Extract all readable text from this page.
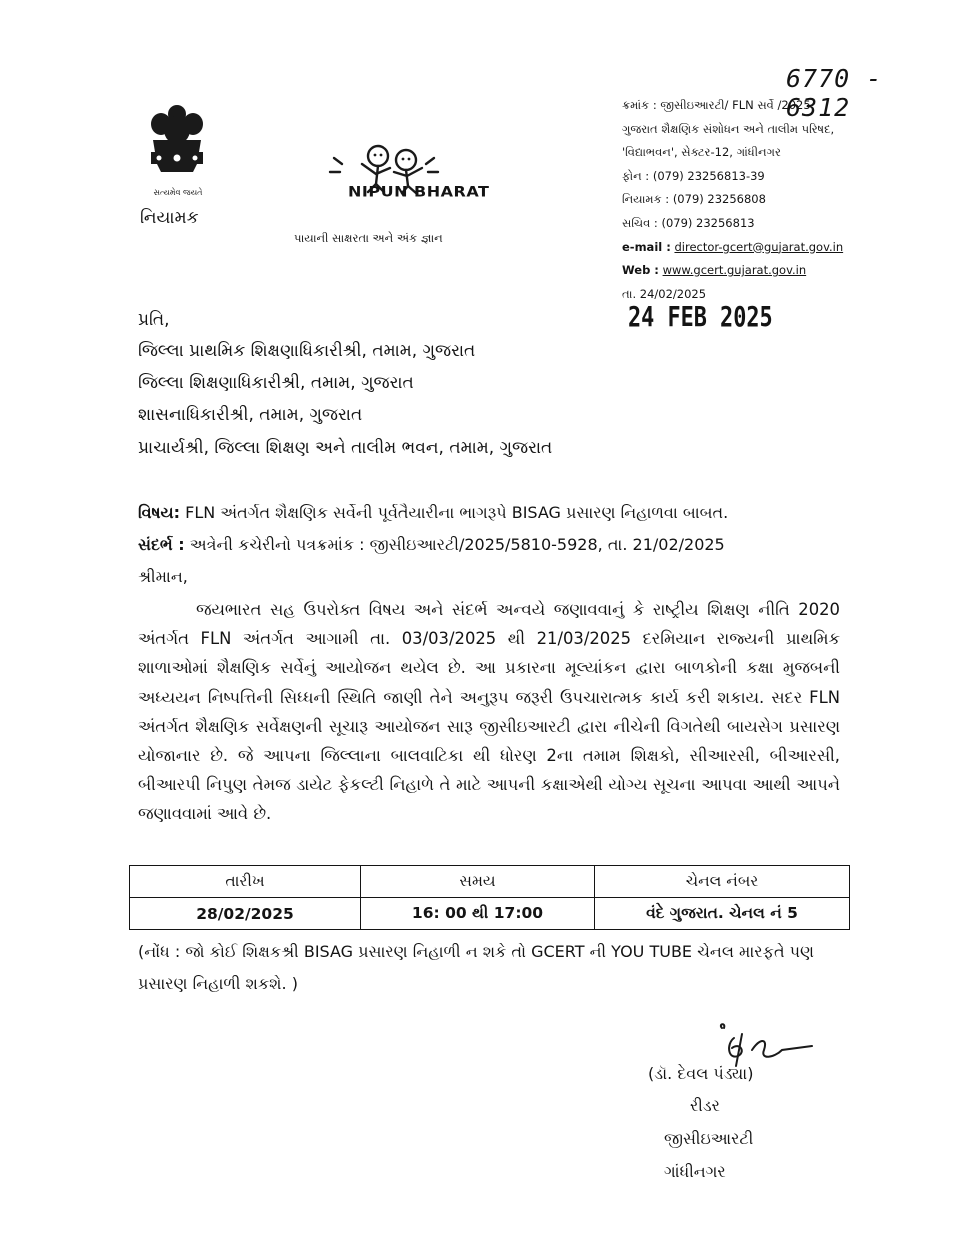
6770 - 6312
સત્યમેવ જયતે
નિયામક
NIPUN BHARAT
પાયાની સાક્ષરતા અને અંક જ્ઞાન
ક્રમાંક : જીસીઇઆરટી/ FLN સર્વે /2025
ગુજરાત શૈક્ષણિક સંશોધન અને તાલીમ પરિષદ,
'વિદ્યાભવન', સેક્ટર-12, ગાંધીનગર
ફોન : (079) 23256813-39
નિયામક : (079) 23256808
સચિવ : (079) 23256813
e-mail : director-gcert@gujarat.gov.in
Web : www.gcert.gujarat.gov.in
તા. 24/02/2025
24 FEB 2025
પ્રતિ,
જિલ્લા પ્રાથમિક શિક્ષણાધિકારીશ્રી, તમામ, ગુજરાત
જિલ્લા શિક્ષણાધિકારીશ્રી, તમામ, ગુજરાત
શાસનાધિકારીશ્રી, તમામ, ગુજરાત
પ્રાચાર્યશ્રી, જિલ્લા શિક્ષણ અને તાલીમ ભવન, તમામ, ગુજરાત
વિષય: FLN અંતર્ગત શૈક્ષણિક સર્વેની પૂર્વતૈયારીના ભાગરૂપે BISAG પ્રસારણ નિહાળવા બાબત.
સંદર્ભ : અત્રેની કચેરીનો પત્રક્રમાંક : જીસીઇઆરટી/2025/5810-5928, તા. 21/02/2025
શ્રીમાન,
જયભારત સહ ઉપરોક્ત વિષય અને સંદર્ભ અન્વયે જણાવવાનું કે રાષ્ટ્રીય શિક્ષણ નીતિ 2020 અંતર્ગત FLN અંતર્ગત આગામી તા. 03/03/2025 થી 21/03/2025 દરમિયાન રાજ્યની પ્રાથમિક શાળાઓમાં શૈક્ષણિક સર્વેનું આયોજન થયેલ છે. આ પ્રકારના મૂલ્યાંકન દ્વારા બાળકોની કક્ષા મુજબની અધ્યયન નિષ્પત્તિની સિધ્ધની સ્થિતિ જાણી તેને અનુરૂપ જરૂરી ઉપચારાત્મક કાર્ય કરી શકાય. સદર FLN અંતર્ગત શૈક્ષણિક સર્વેક્ષણની સૂચારૂ આયોજન સારૂ જીસીઇઆરટી દ્વારા નીચેની વિગતેથી બાયસેગ પ્રસારણ યોજાનાર છે. જે આપના જિલ્લાના બાલવાટિકા થી ધોરણ 2ના તમામ શિક્ષકો, સીઆરસી, બીઆરસી, બીઆરપી નિપુણ તેમજ ડાયેટ ફેકલ્ટી નિહાળે તે માટે આપની કક્ષાએથી યોગ્ય સૂચના આપવા આથી આપને જણાવવામાં આવે છે.
તારીખ	સમય	ચેનલ નંબર
28/02/2025	16: 00 થી 17:00	વંદે ગુજરાત. ચેનલ નં 5
(નોંધ : જો કોઈ શિક્ષકશ્રી BISAG પ્રસારણ નિહાળી ન શકે તો GCERT ની YOU TUBE ચેનલ મારફતે પણ પ્રસારણ નિહાળી શકશે. )
(ડૉ. દેવલ પંડ્યા)
રીડર
જીસીઇઆરટી
ગાંધીનગર
